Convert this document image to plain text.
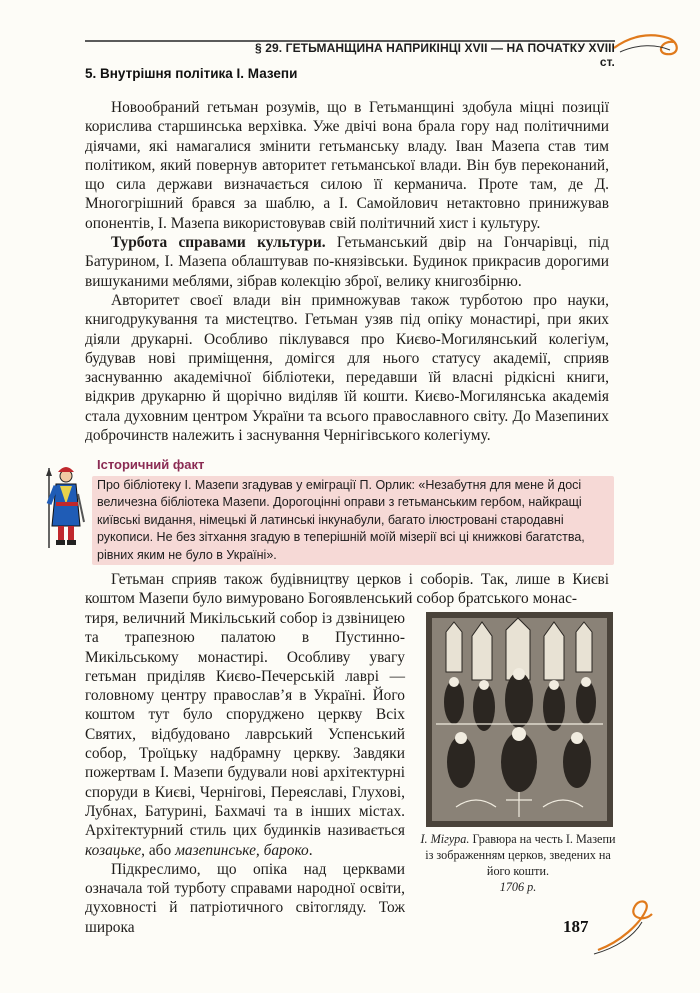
§ 29. ГЕТЬМАНЩИНА НАПРИКІНЦІ XVII — НА ПОЧАТКУ XVIII ст.
5. Внутрішня політика І. Мазепи

Новообраний гетьман розумів, що в Гетьманщині здобула міцні позиції корислива старшинська верхівка. Уже двічі вона брала гору над політичними діячами, які намагалися змінити гетьманську владу. Іван Мазепа став тим політиком, який повернув авторитет гетьманської влади. Він був переконаний, що сила держави визначається силою її керманича. Проте там, де Д. Многогрішний брався за шаблю, а І. Самойлович нетактовно принижував опонентів, І. Мазепа використовував свій політичний хист і культуру.

Турбота справами культури. Гетьманський двір на Гончарівці, під Батурином, І. Мазепа облаштував по-князівськи. Будинок прикрасив дорогими вишуканими меблями, зібрав колекцію зброї, велику книгозбірню.

Авторитет своєї влади він примножував також турботою про науки, книгодрукування та мистецтво. Гетьман узяв під опіку монастирі, при яких діяли друкарні. Особливо піклувався про Києво-Могилянський колегіум, будував нові приміщення, домігся для нього статусу академії, сприяв заснуванню академічної бібліотеки, передавши їй власні рідкісні книги, відкрив друкарню й щорічно виділяв їй кошти. Києво-Могилянська академія стала духовним центром України та всього православного світу. До Мазепиних доброчинств належить і заснування Чернігівського колегіуму.

Історичний факт
Про бібліотеку І. Мазепи згадував у еміграції П. Орлик: «Незабутня для мене й досі величезна бібліотека Мазепи. Дорогоцінні оправи з гетьманським гербом, найкращі київські видання, німецькі й латинські інкунабули, багато ілюстровані стародавні рукописи. Не без зітхання згадую в теперішній моїй мізерії всі ці книжкові багатства, рівних яким не було в Україні».

Гетьман сприяв також будівництву церков і соборів. Так, лише в Києві коштом Мазепи було вимуровано Богоявленський собор братського монас-

тиря, величний Микільський собор із дзвіницею та трапезною палатою в Пустинно-Микільському монастирі. Особливу увагу гетьман приділяв Києво-Печерській лаврі — головному центру православ’я в Україні. Його коштом тут було споруджено церкву Всіх Святих, відбудовано лаврський Успенський собор, Троїцьку надбрамну церкву. Завдяки пожертвам І. Мазепи будували нові архітектурні споруди в Києві, Чернігові, Переяславі, Глухові, Лубнах, Батурині, Бахмачі та в інших містах. Архітектурний стиль цих будинків називається козацьке, або мазепинське, бароко.

Підкреслимо, що опіка над церквами означала той турботу справами народної освіти, духовності й патріотичного світогляду. Тож широка

І. Мігура. Гравюра на честь І. Мазепи із зображенням церков, зведених на його кошти.
1706 р.
187
